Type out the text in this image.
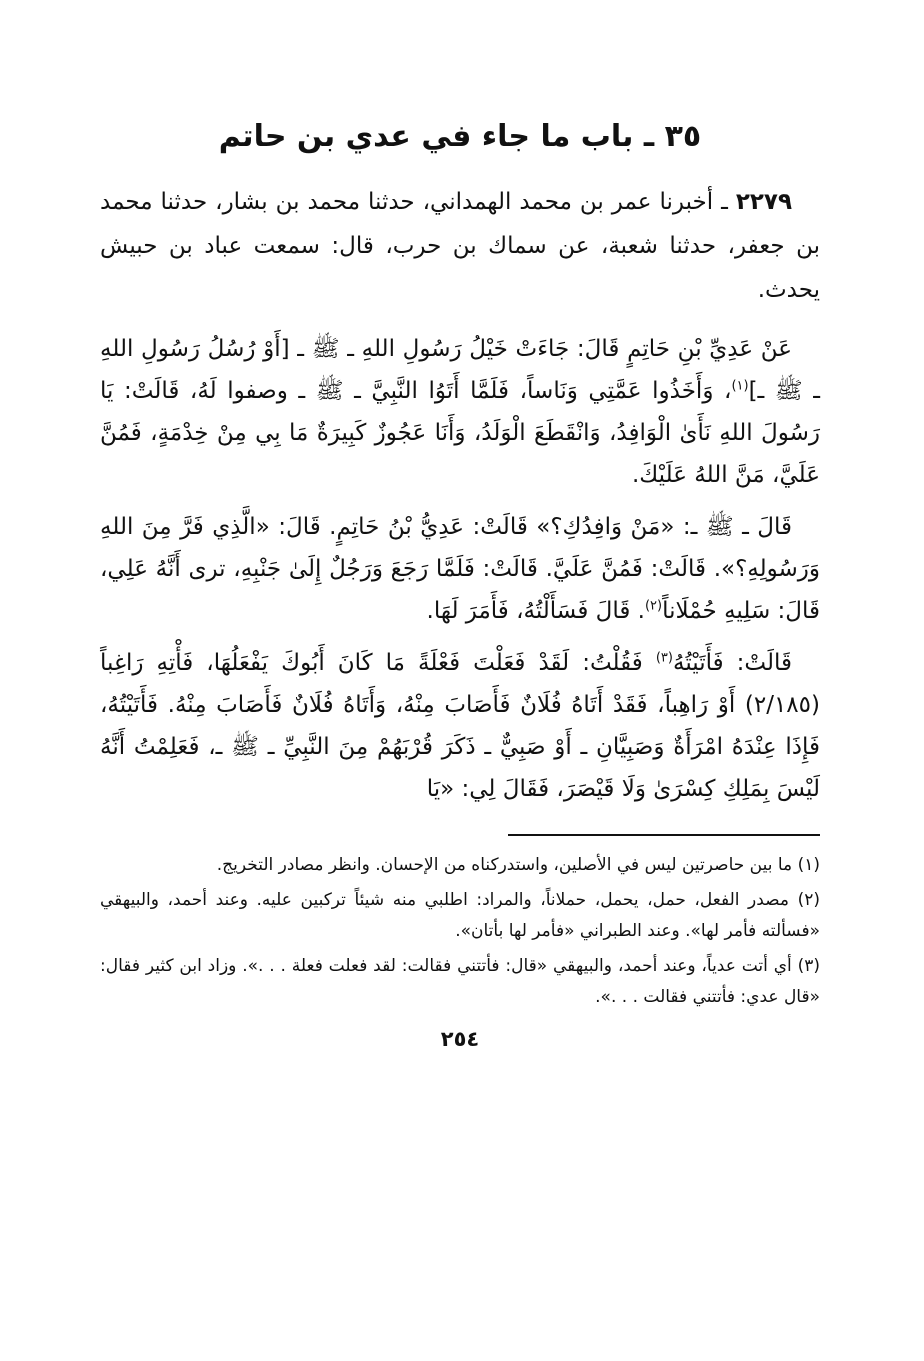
٣٥ ـ باب ما جاء في عدي بن حاتم

٢٢٧٩ ـ أخبرنا عمر بن محمد الهمداني، حدثنا محمد بن بشار، حدثنا محمد بن جعفر، حدثنا شعبة، عن سماك بن حرب، قال: سمعت عباد بن حبيش يحدث.

عَنْ عَدِيِّ بْنِ حَاتِمٍ قَالَ: جَاءَتْ خَيْلُ رَسُولِ اللهِ ـ ﷺ ـ [أَوْ رُسُلُ رَسُولِ اللهِ ـ ﷺ ـ]$^{(١)}$، وَأَخَذُوا عَمَّتِي وَنَاساً، فَلَمَّا أَتَوُا النَّبِيَّ ـ ﷺ ـ وصفوا لَهُ، قَالَتْ: يَا رَسُولَ اللهِ نَأَىٰ الْوَافِدُ، وَانْقَطَعَ الْوَلَدُ، وَأَنَا عَجُوزٌ كَبِيرَةٌ مَا بِي مِنْ خِدْمَةٍ، فَمُنَّ عَلَيَّ، مَنَّ اللهُ عَلَيْكَ.

قَالَ ـ ﷺ ـ: «مَنْ وَافِدُكِ؟» قَالَتْ: عَدِيُّ بْنُ حَاتِمٍ. قَالَ: «الَّذِي فَرَّ مِنَ اللهِ وَرَسُولِهِ؟». قَالَتْ: فَمُنَّ عَلَيَّ. قَالَتْ: فَلَمَّا رَجَعَ وَرَجُلٌ إِلَىٰ جَنْبِهِ، ترى أَنَّهُ عَلِي، قَالَ: سَلِيهِ حُمْلَاناً$^{(٢)}$. قَالَ فَسَأَلْتُهُ، فَأَمَرَ لَهَا.

قَالَتْ: فَأَتَيْتُهُ$^{(٣)}$ فَقُلْتُ: لَقَدْ فَعَلْتَ فَعْلَةً مَا كَانَ أَبُوكَ يَفْعَلُهَا، فَأْتِهِ رَاغِباً (٢/١٨٥) أَوْ رَاهِباً، فَقَدْ أَتَاهُ فُلَانٌ فَأَصَابَ مِنْهُ، وَأَتَاهُ فُلَانٌ فَأَصَابَ مِنْهُ. فَأَتَيْتُهُ، فَإِذَا عِنْدَهُ امْرَأَةٌ وَصَبِيَّانِ ـ أَوْ صَبِيٌّ ـ ذَكَرَ قُرْبَهُمْ مِنَ النَّبِيِّ ـ ﷺ ـ، فَعَلِمْتُ أَنَّهُ لَيْسَ بِمَلِكِ كِسْرَىٰ وَلَا قَيْصَرَ، فَقَالَ لِي: «يَا

(١) ما بين حاصرتين ليس في الأصلين، واستدركناه من الإحسان. وانظر مصادر التخريج.

(٢) مصدر الفعل، حمل، يحمل، حملاناً، والمراد: اطلبي منه شيئاً تركبين عليه. وعند أحمد، والبيهقي «فسألته فأمر لها». وعند الطبراني «فأمر لها بأتان».

(٣) أي أتت عدياً، وعند أحمد، والبيهقي «قال: فأتتني فقالت: لقد فعلت فعلة . . .». وزاد ابن كثير فقال: «قال عدي: فأتتني فقالت . . .».

٢٥٤
